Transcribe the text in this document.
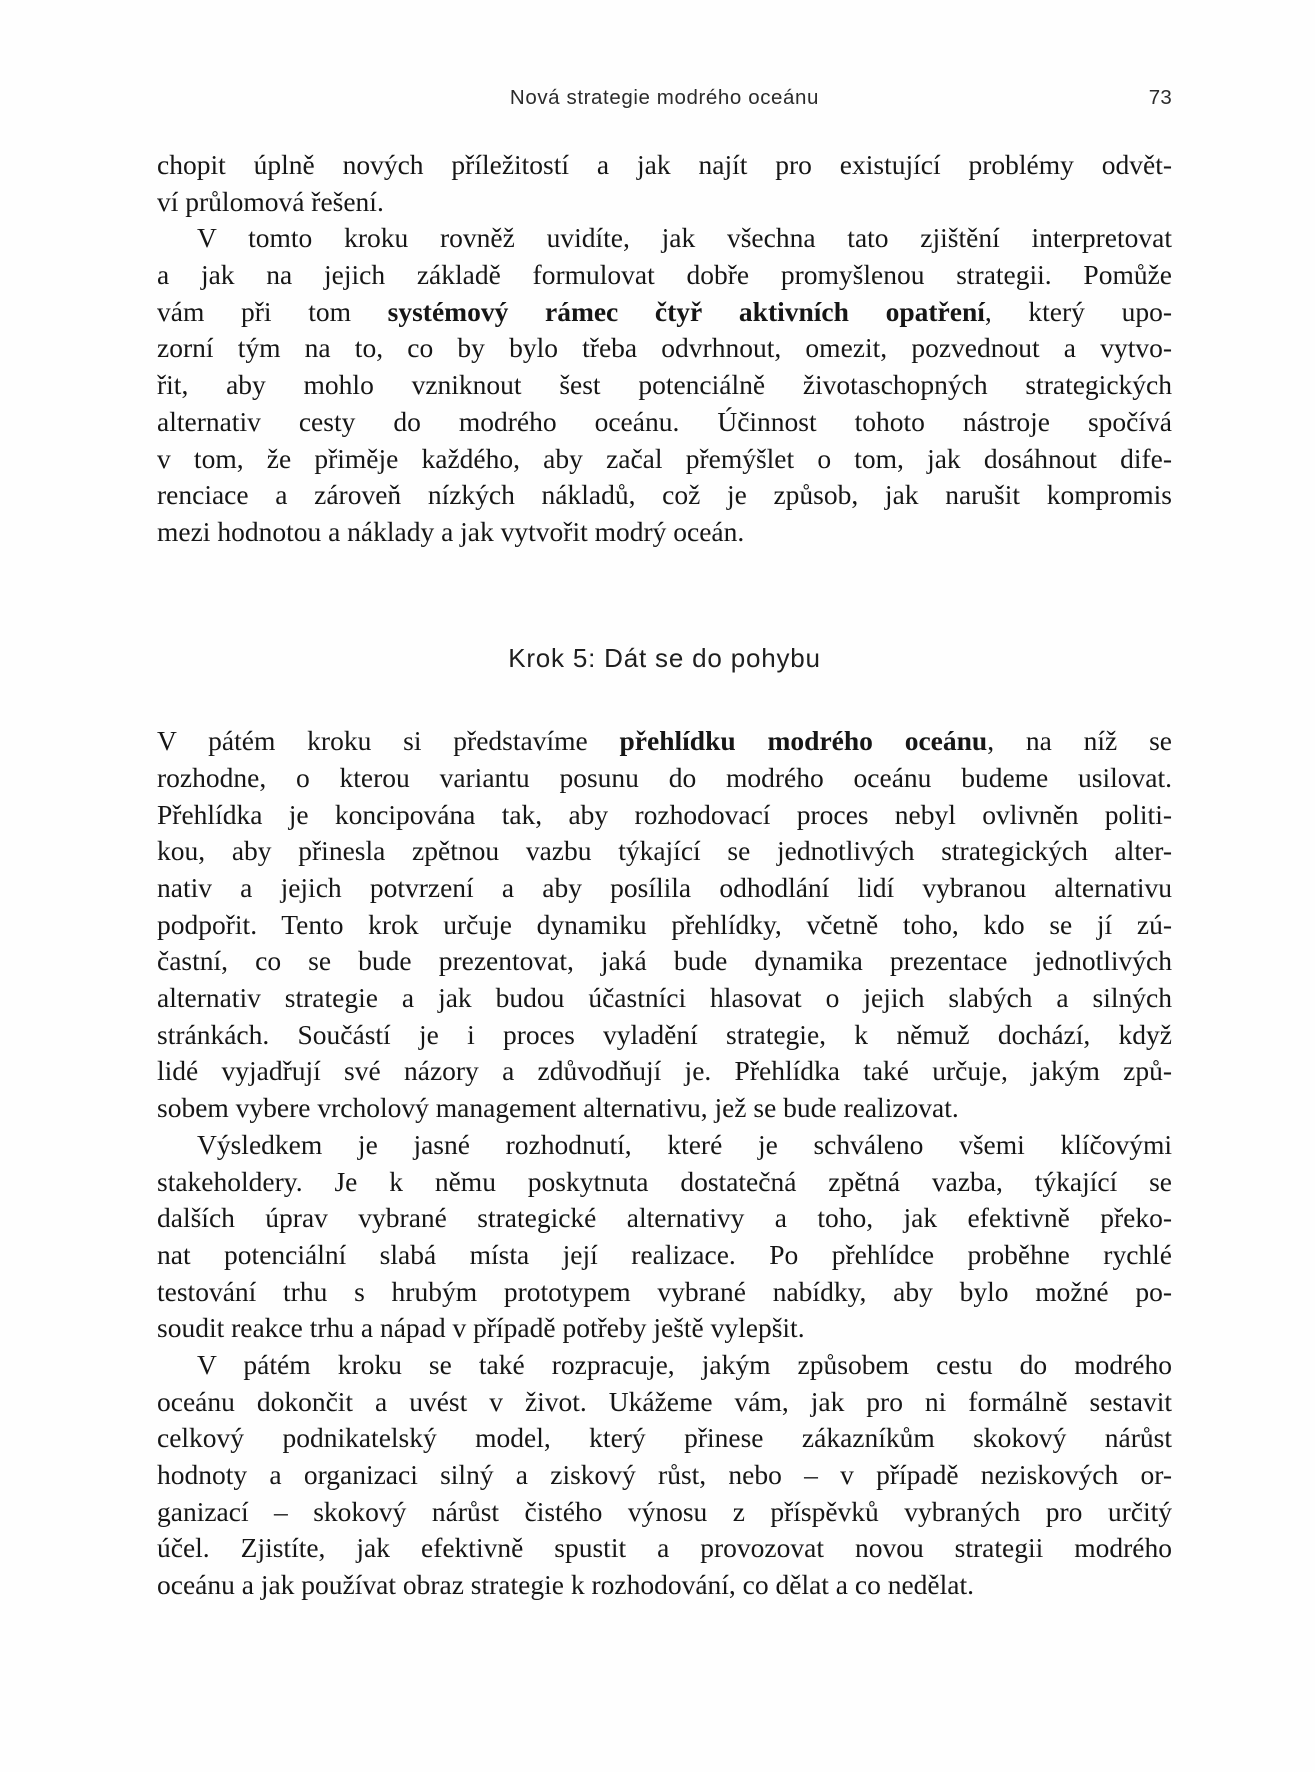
Nová strategie modrého oceánu	73

chopit úplně nových příležitostí a jak najít pro existující problémy odvět-
ví průlomová řešení.

V tomto kroku rovněž uvidíte, jak všechna tato zjištění interpretovat
a jak na jejich základě formulovat dobře promyšlenou strategii. Pomůže
vám při tom systémový rámec čtyř aktivních opatření, který upo-
zorní tým na to, co by bylo třeba odvrhnout, omezit, pozvednout a vytvo-
řit, aby mohlo vzniknout šest potenciálně životaschopných strategických
alternativ cesty do modrého oceánu. Účinnost tohoto nástroje spočívá
v tom, že přiměje každého, aby začal přemýšlet o tom, jak dosáhnout dife-
renciace a zároveň nízkých nákladů, což je způsob, jak narušit kompromis
mezi hodnotou a náklady a jak vytvořit modrý oceán.

Krok 5: Dát se do pohybu

V pátém kroku si představíme přehlídku modrého oceánu, na níž se
rozhodne, o kterou variantu posunu do modrého oceánu budeme usilovat.
Přehlídka je koncipována tak, aby rozhodovací proces nebyl ovlivněn politi-
kou, aby přinesla zpětnou vazbu týkající se jednotlivých strategických alter-
nativ a jejich potvrzení a aby posílila odhodlání lidí vybranou alternativu
podpořit. Tento krok určuje dynamiku přehlídky, včetně toho, kdo se jí zú-
častní, co se bude prezentovat, jaká bude dynamika prezentace jednotlivých
alternativ strategie a jak budou účastníci hlasovat o jejich slabých a silných
stránkách. Součástí je i proces vyladění strategie, k němuž dochází, když
lidé vyjadřují své názory a zdůvodňují je. Přehlídka také určuje, jakým způ-
sobem vybere vrcholový management alternativu, jež se bude realizovat.

Výsledkem je jasné rozhodnutí, které je schváleno všemi klíčovými
stakeholdery. Je k němu poskytnuta dostatečná zpětná vazba, týkající se
dalších úprav vybrané strategické alternativy a toho, jak efektivně překo-
nat potenciální slabá místa její realizace. Po přehlídce proběhne rychlé
testování trhu s hrubým prototypem vybrané nabídky, aby bylo možné po-
soudit reakce trhu a nápad v případě potřeby ještě vylepšit.

V pátém kroku se také rozpracuje, jakým způsobem cestu do modrého
oceánu dokončit a uvést v život. Ukážeme vám, jak pro ni formálně sestavit
celkový podnikatelský model, který přinese zákazníkům skokový nárůst
hodnoty a organizaci silný a ziskový růst, nebo – v případě neziskových or-
ganizací – skokový nárůst čistého výnosu z příspěvků vybraných pro určitý
účel. Zjistíte, jak efektivně spustit a provozovat novou strategii modrého
oceánu a jak používat obraz strategie k rozhodování, co dělat a co nedělat.
